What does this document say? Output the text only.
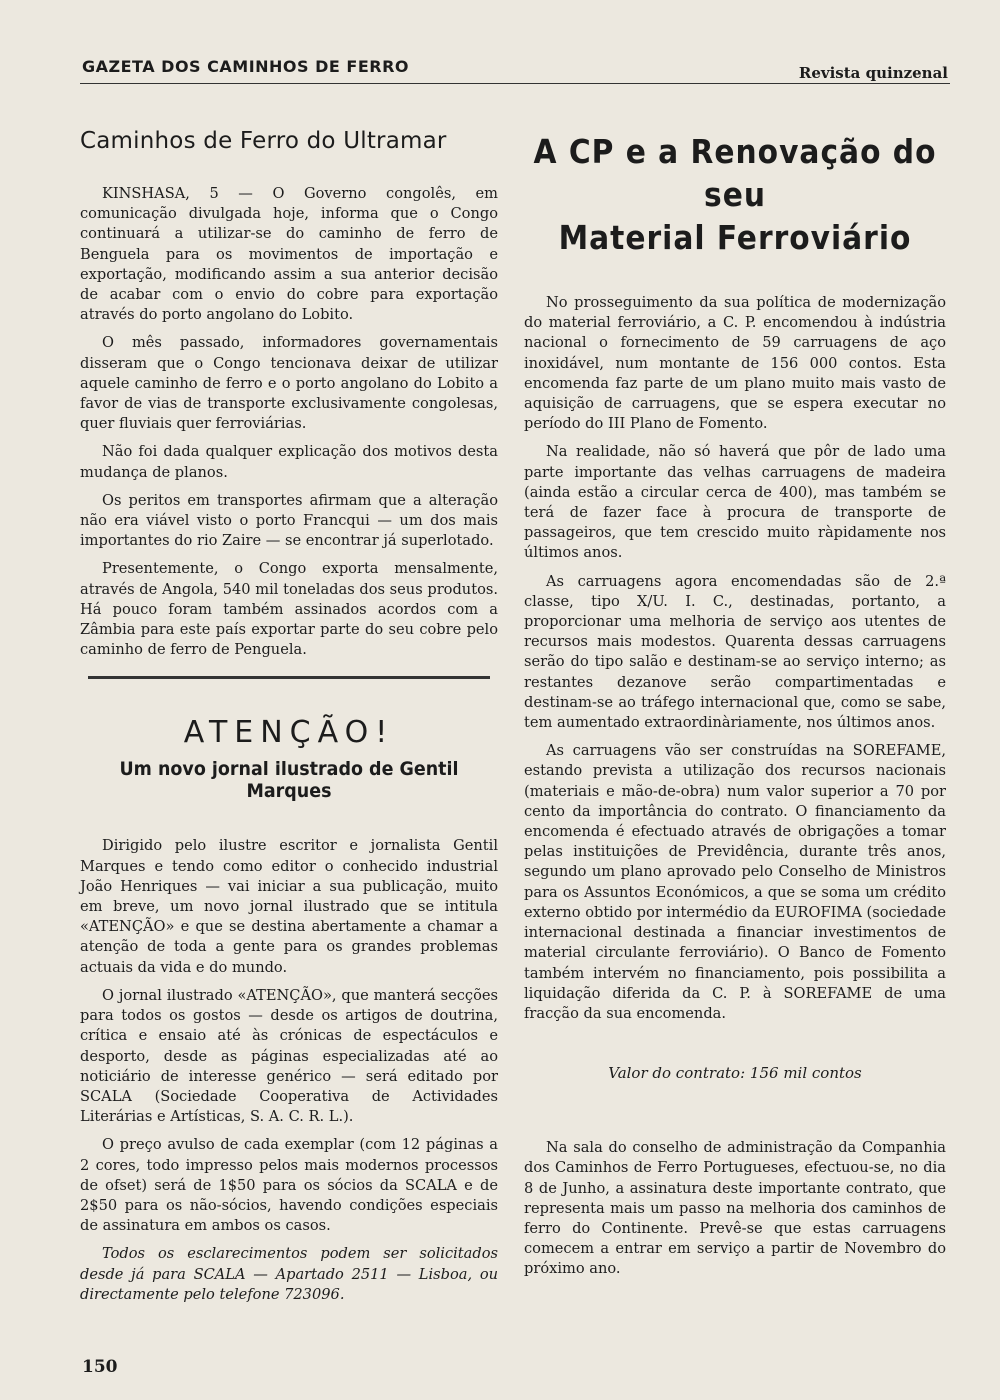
GAZETA DOS CAMINHOS DE FERRO	Revista quinzenal
Caminhos de Ferro do Ultramar

KINSHASA, 5 — O Governo congolês, em comunicação divulgada hoje, informa que o Congo continuará a utilizar-se do caminho de ferro de Benguela para os movimentos de importação e exportação, modificando assim a sua anterior decisão de acabar com o envio do cobre para exportação através do porto angolano do Lobito.

O mês passado, informadores governamentais disseram que o Congo tencionava deixar de utilizar aquele caminho de ferro e o porto angolano do Lobito a favor de vias de transporte exclusivamente congolesas, quer fluviais quer ferroviárias.

Não foi dada qualquer explicação dos motivos desta mudança de planos.

Os peritos em transportes afirmam que a alteração não era viável visto o porto Francqui — um dos mais importantes do rio Zaire — se encontrar já superlotado.

Presentemente, o Congo exporta mensalmente, através de Angola, 540 mil toneladas dos seus produtos. Há pouco foram também assinados acordos com a Zâmbia para este país exportar parte do seu cobre pelo caminho de ferro de Penguela.

ATENÇÃO!
Um novo jornal ilustrado de Gentil Marques

Dirigido pelo ilustre escritor e jornalista Gentil Marques e tendo como editor o conhecido industrial João Henriques — vai iniciar a sua publicação, muito em breve, um novo jornal ilustrado que se intitula «ATENÇÃO» e que se destina abertamente a chamar a atenção de toda a gente para os grandes problemas actuais da vida e do mundo.

O jornal ilustrado «ATENÇÃO», que manterá secções para todos os gostos — desde os artigos de doutrina, crítica e ensaio até às crónicas de espectáculos e desporto, desde as páginas especializadas até ao noticiário de interesse genérico — será editado por SCALA (Sociedade Cooperativa de Actividades Literárias e Artísticas, S. A. C. R. L.).

O preço avulso de cada exemplar (com 12 páginas a 2 cores, todo impresso pelos mais modernos processos de ofset) será de 1$50 para os sócios da SCALA e de 2$50 para os não-sócios, havendo condições especiais de assinatura em ambos os casos.

Todos os esclarecimentos podem ser solicitados desde já para SCALA — Apartado 2511 — Lisboa, ou directamente pelo telefone 723096.

A CP e a Renovação do seu
Material Ferroviário

No prosseguimento da sua política de modernização do material ferroviário, a C. P. encomendou à indústria nacional o fornecimento de 59 carruagens de aço inoxidável, num montante de 156 000 contos. Esta encomenda faz parte de um plano muito mais vasto de aquisição de carruagens, que se espera executar no período do III Plano de Fomento.

Na realidade, não só haverá que pôr de lado uma parte importante das velhas carruagens de madeira (ainda estão a circular cerca de 400), mas também se terá de fazer face à procura de transporte de passageiros, que tem crescido muito ràpidamente nos últimos anos.

As carruagens agora encomendadas são de 2.ª classe, tipo X/U. I. C., destinadas, portanto, a proporcionar uma melhoria de serviço aos utentes de recursos mais modestos. Quarenta dessas carruagens serão do tipo salão e destinam-se ao serviço interno; as restantes dezanove serão compartimentadas e destinam-se ao tráfego internacional que, como se sabe, tem aumentado extraordinàriamente, nos últimos anos.

As carruagens vão ser construídas na SOREFAME, estando prevista a utilização dos recursos nacionais (materiais e mão-de-obra) num valor superior a 70 por cento da importância do contrato. O financiamento da encomenda é efectuado através de obrigações a tomar pelas instituições de Previdência, durante três anos, segundo um plano aprovado pelo Conselho de Ministros para os Assuntos Económicos, a que se soma um crédito externo obtido por intermédio da EUROFIMA (sociedade internacional destinada a financiar investimentos de material circulante ferroviário). O Banco de Fomento também intervém no financiamento, pois possibilita a liquidação diferida da C. P. à SOREFAME de uma fracção da sua encomenda.

Valor do contrato: 156 mil contos

Na sala do conselho de administração da Companhia dos Caminhos de Ferro Portugueses, efectuou-se, no dia 8 de Junho, a assinatura deste importante contrato, que representa mais um passo na melhoria dos caminhos de ferro do Continente. Prevê-se que estas carruagens comecem a entrar em serviço a partir de Novembro do próximo ano.

150
